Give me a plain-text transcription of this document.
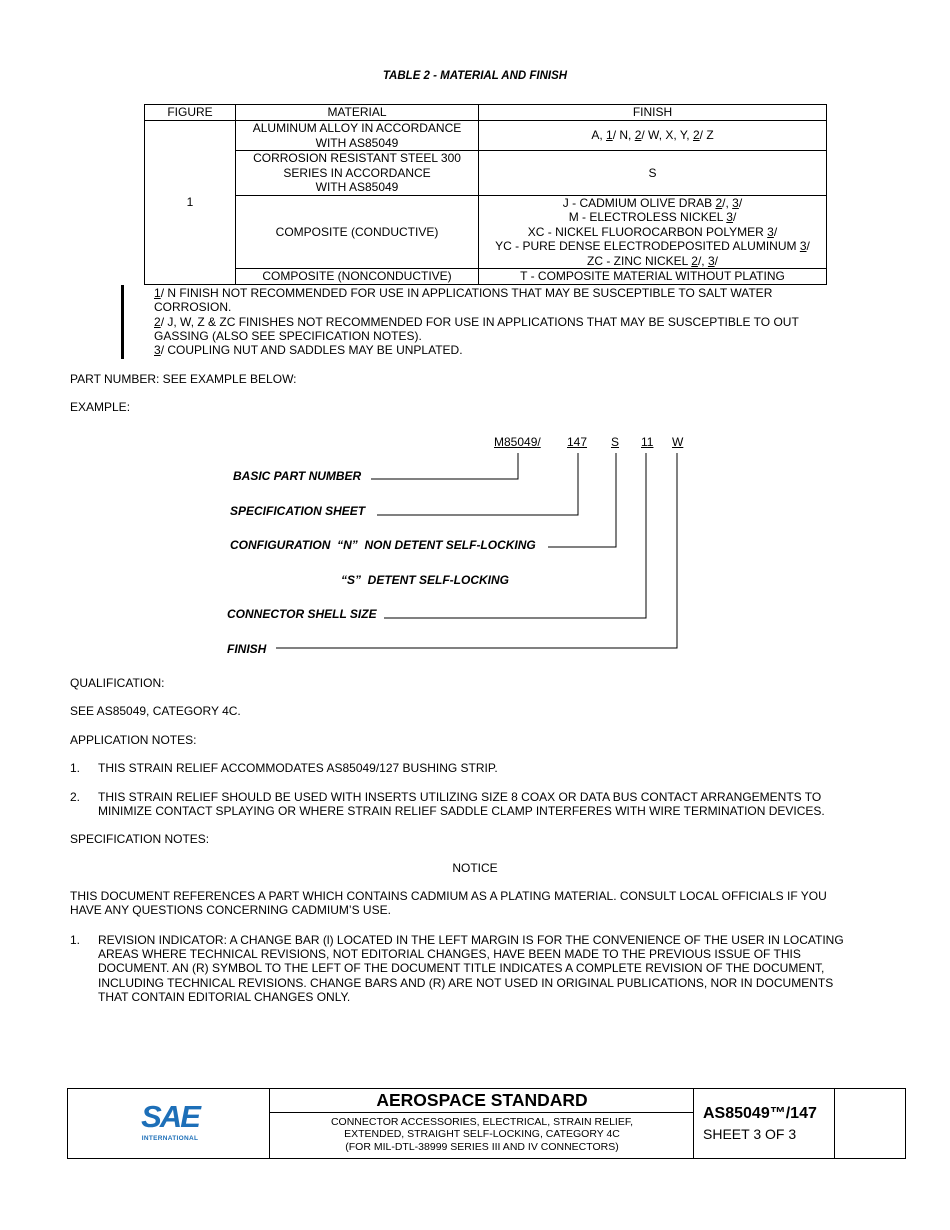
TABLE 2 - MATERIAL AND FINISH
FIGURE	MATERIAL	FINISH
1	ALUMINUM ALLOY IN ACCORDANCE
WITH AS85049	A, 1/ N, 2/ W, X, Y, 2/ Z

	CORROSION RESISTANT STEEL 300
SERIES IN ACCORDANCE
WITH AS85049	S
	COMPOSITE (CONDUCTIVE)	J - CADMIUM OLIVE DRAB 2/, 3/
M - ELECTROLESS NICKEL 3/
XC - NICKEL FLUOROCARBON POLYMER 3/
YC - PURE DENSE ELECTRODEPOSITED ALUMINUM 3/
ZC - ZINC NICKEL 2/, 3/

	COMPOSITE (NONCONDUCTIVE)	T - COMPOSITE MATERIAL WITHOUT PLATING
1/ N FINISH NOT RECOMMENDED FOR USE IN APPLICATIONS THAT MAY BE SUSCEPTIBLE TO SALT WATER
CORROSION.
2/ J, W, Z & ZC FINISHES NOT RECOMMENDED FOR USE IN APPLICATIONS THAT MAY BE SUSCEPTIBLE TO OUT
GASSING (ALSO SEE SPECIFICATION NOTES).
3/ COUPLING NUT AND SADDLES MAY BE UNPLATED.
PART NUMBER: SEE EXAMPLE BELOW:
EXAMPLE:
M85049/ 147 S 11 W
BASIC PART NUMBER
SPECIFICATION SHEET
CONFIGURATION  “N”  NON DETENT SELF-LOCKING
“S”  DETENT SELF-LOCKING
CONNECTOR SHELL SIZE
FINISH
QUALIFICATION:
SEE AS85049, CATEGORY 4C.
APPLICATION NOTES:
1. THIS STRAIN RELIEF ACCOMMODATES AS85049/127 BUSHING STRIP.
2. THIS STRAIN RELIEF SHOULD BE USED WITH INSERTS UTILIZING SIZE 8 COAX OR DATA BUS CONTACT ARRANGEMENTS TO
MINIMIZE CONTACT SPLAYING OR WHERE STRAIN RELIEF SADDLE CLAMP INTERFERES WITH WIRE TERMINATION DEVICES.
SPECIFICATION NOTES:
NOTICE
THIS DOCUMENT REFERENCES A PART WHICH CONTAINS CADMIUM AS A PLATING MATERIAL. CONSULT LOCAL OFFICIALS IF YOU
HAVE ANY QUESTIONS CONCERNING CADMIUM’S USE.
1. REVISION INDICATOR: A CHANGE BAR (l) LOCATED IN THE LEFT MARGIN IS FOR THE CONVENIENCE OF THE USER IN LOCATING
AREAS WHERE TECHNICAL REVISIONS, NOT EDITORIAL CHANGES, HAVE BEEN MADE TO THE PREVIOUS ISSUE OF THIS
DOCUMENT. AN (R) SYMBOL TO THE LEFT OF THE DOCUMENT TITLE INDICATES A COMPLETE REVISION OF THE DOCUMENT,
INCLUDING TECHNICAL REVISIONS. CHANGE BARS AND (R) ARE NOT USED IN ORIGINAL PUBLICATIONS, NOR IN DOCUMENTS
THAT CONTAIN EDITORIAL CHANGES ONLY.
SAE
INTERNATIONAL
AEROSPACE STANDARD
CONNECTOR ACCESSORIES, ELECTRICAL, STRAIN RELIEF,
EXTENDED, STRAIGHT SELF-LOCKING, CATEGORY 4C
(FOR MIL-DTL-38999 SERIES III AND IV CONNECTORS)
AS85049™/147
SHEET 3 OF 3
